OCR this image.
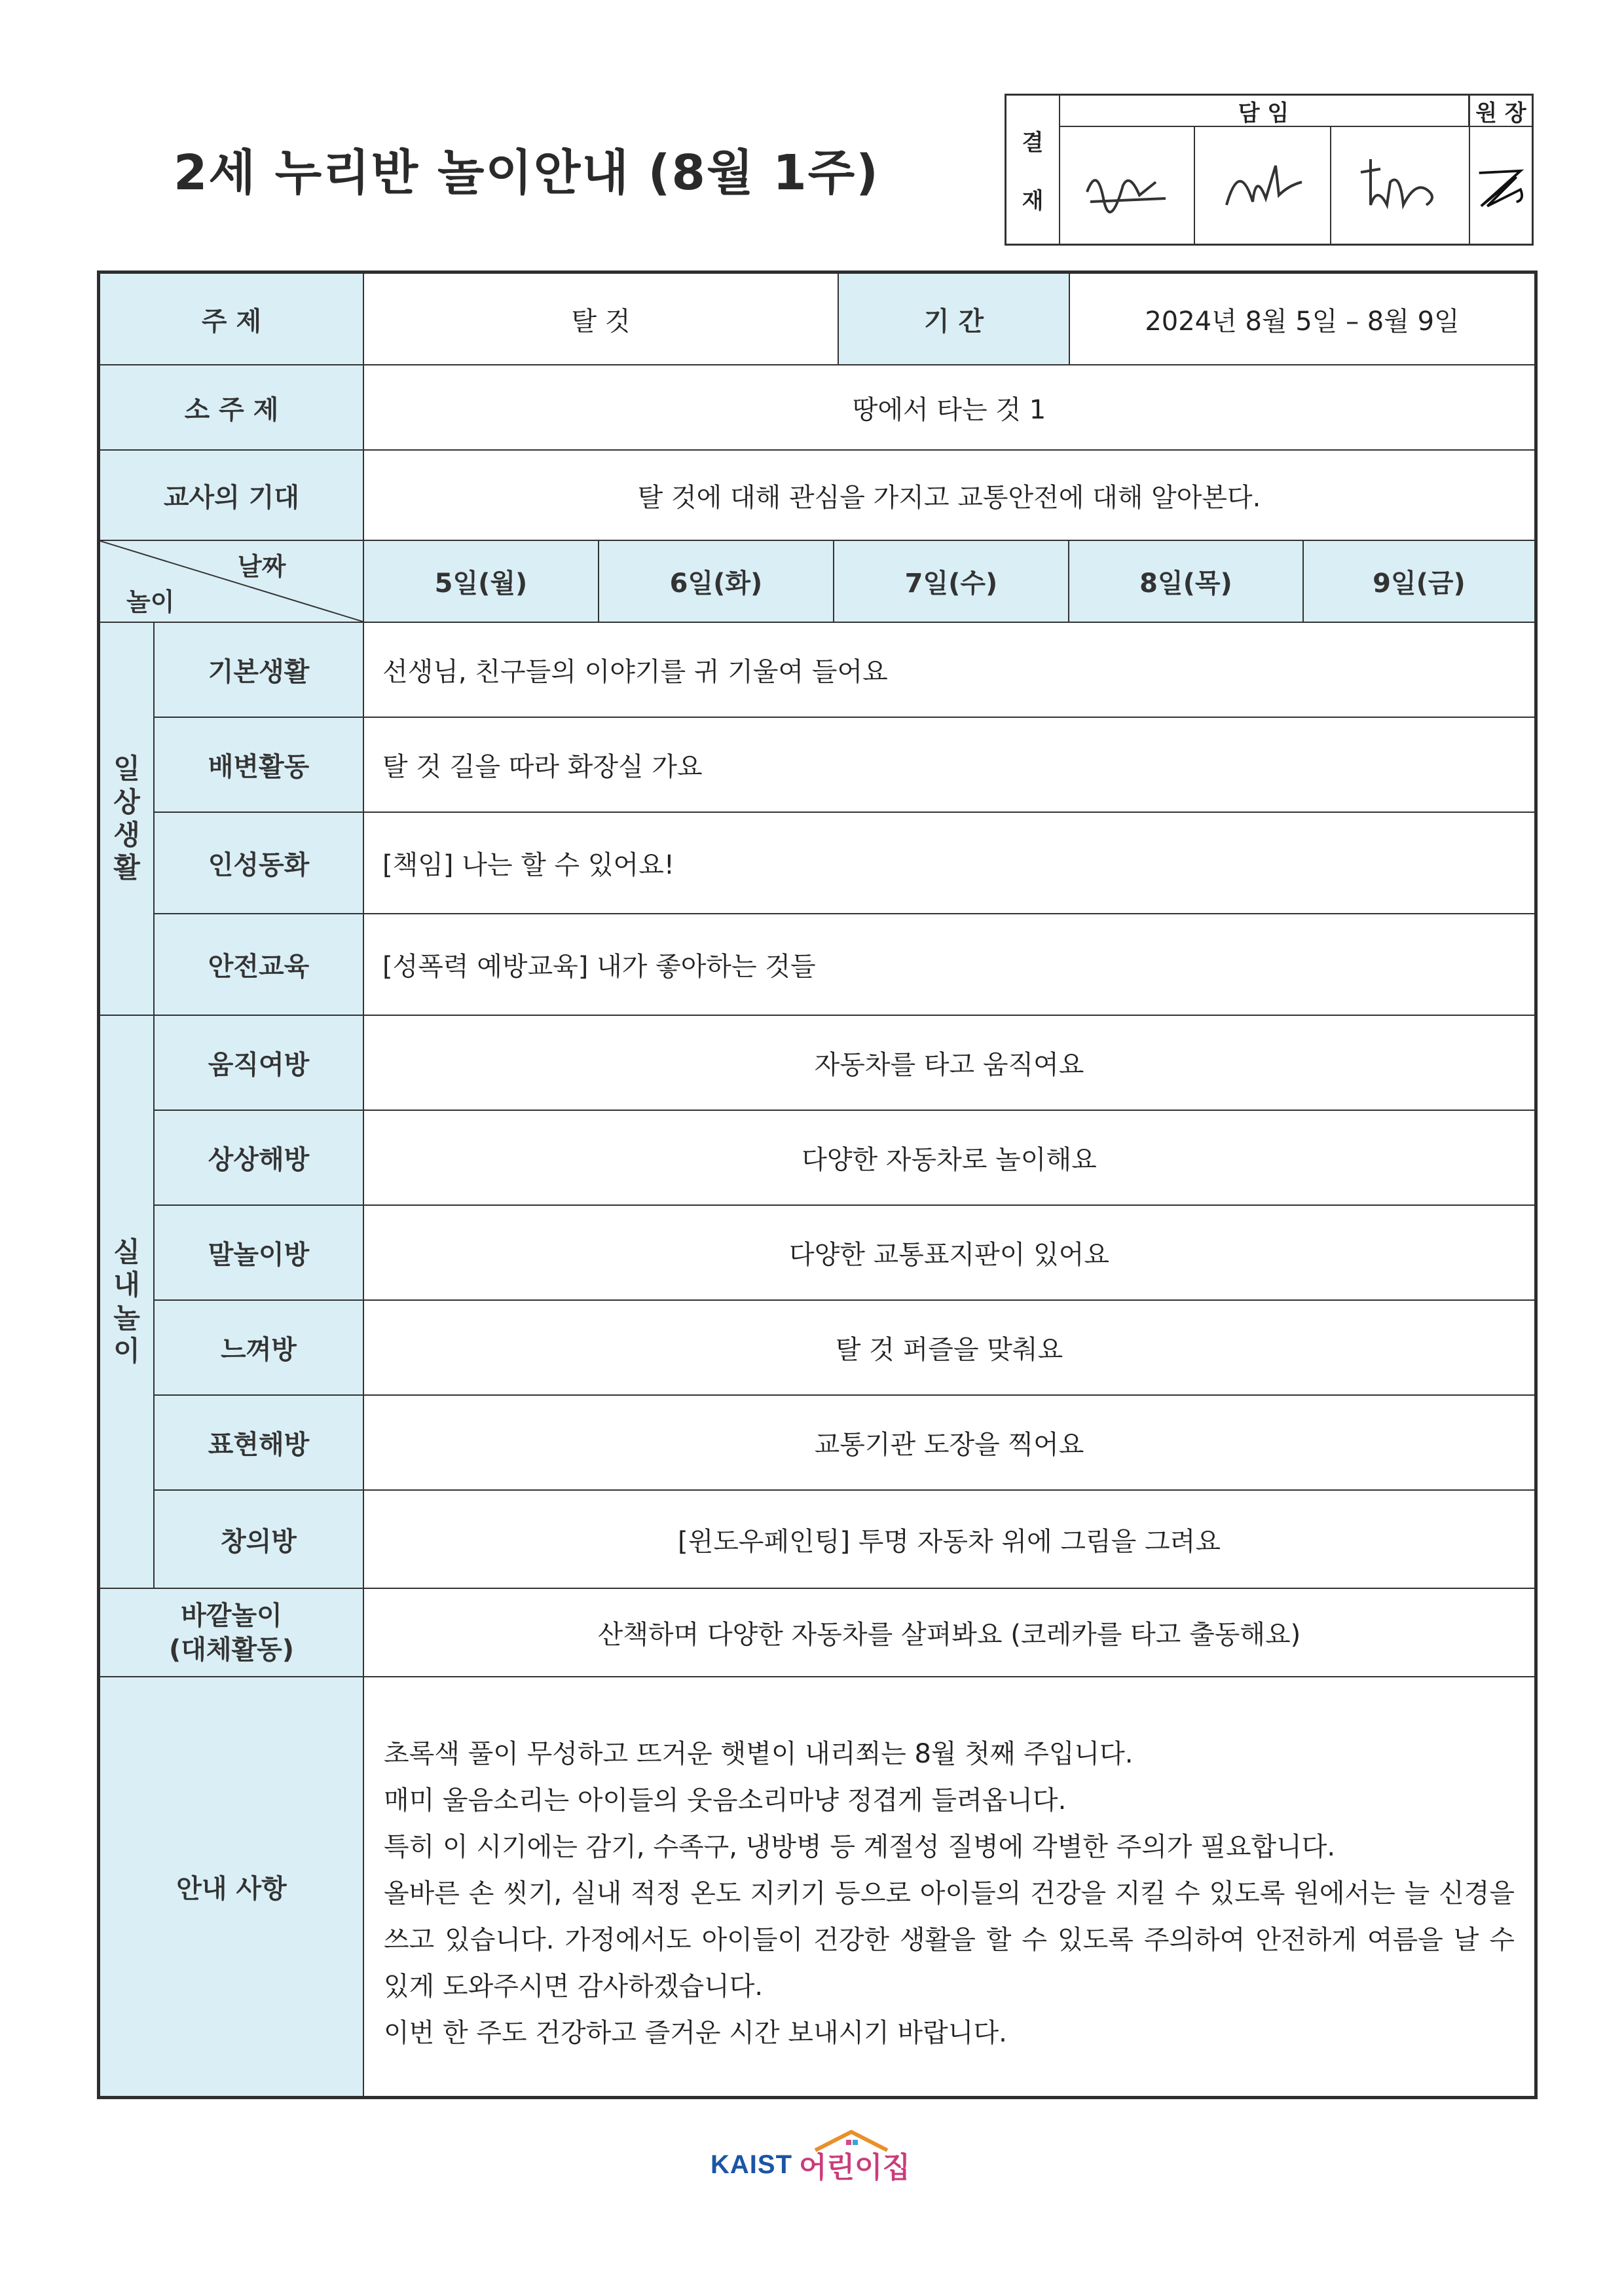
2세 누리반 놀이안내 (8월 1주)
결
재
담 임	원 장
주 제	탈 것	기 간	2024년 8월 5일 – 8월 9일
소 주 제	땅에서 타는 것 1
교사의 기대	탈 것에 대해 관심을 가지고 교통안전에 대해 알아본다.
날짜
놀이
5일(월)	6일(화)	7일(수)	8일(목)	9일(금)
일
상
생
활
기본생활	선생님, 친구들의 이야기를 귀 기울여 들어요
배변활동	탈 것 길을 따라 화장실 가요
인성동화	[책임] 나는 할 수 있어요!
안전교육	[성폭력 예방교육] 내가 좋아하는 것들
실
내
놀
이
움직여방	자동차를 타고 움직여요
상상해방	다양한 자동차로 놀이해요
말놀이방	다양한 교통표지판이 있어요
느껴방	탈 것 퍼즐을 맞춰요
표현해방	교통기관 도장을 찍어요
창의방	[윈도우페인팅] 투명 자동차 위에 그림을 그려요
바깥놀이
(대체활동)	산책하며 다양한 자동차를 살펴봐요 (코레카를 타고 출동해요)
안내 사항

초록색 풀이 무성하고 뜨거운 햇볕이 내리쬐는 8월 첫째 주입니다.

매미 울음소리는 아이들의 웃음소리마냥 정겹게 들려옵니다.

특히 이 시기에는 감기, 수족구, 냉방병 등 계절성 질병에 각별한 주의가 필요합니다.

올바른 손 씻기, 실내 적정 온도 지키기 등으로 아이들의 건강을 지킬 수 있도록 원에서는 늘 신경을 쓰고 있습니다. 가정에서도 아이들이 건강한 생활을 할 수 있도록 주의하여 안전하게 여름을 날 수 있게 도와주시면 감사하겠습니다.

이번 한 주도 건강하고 즐거운 시간 보내시기 바랍니다.

KAIST 어린이집
